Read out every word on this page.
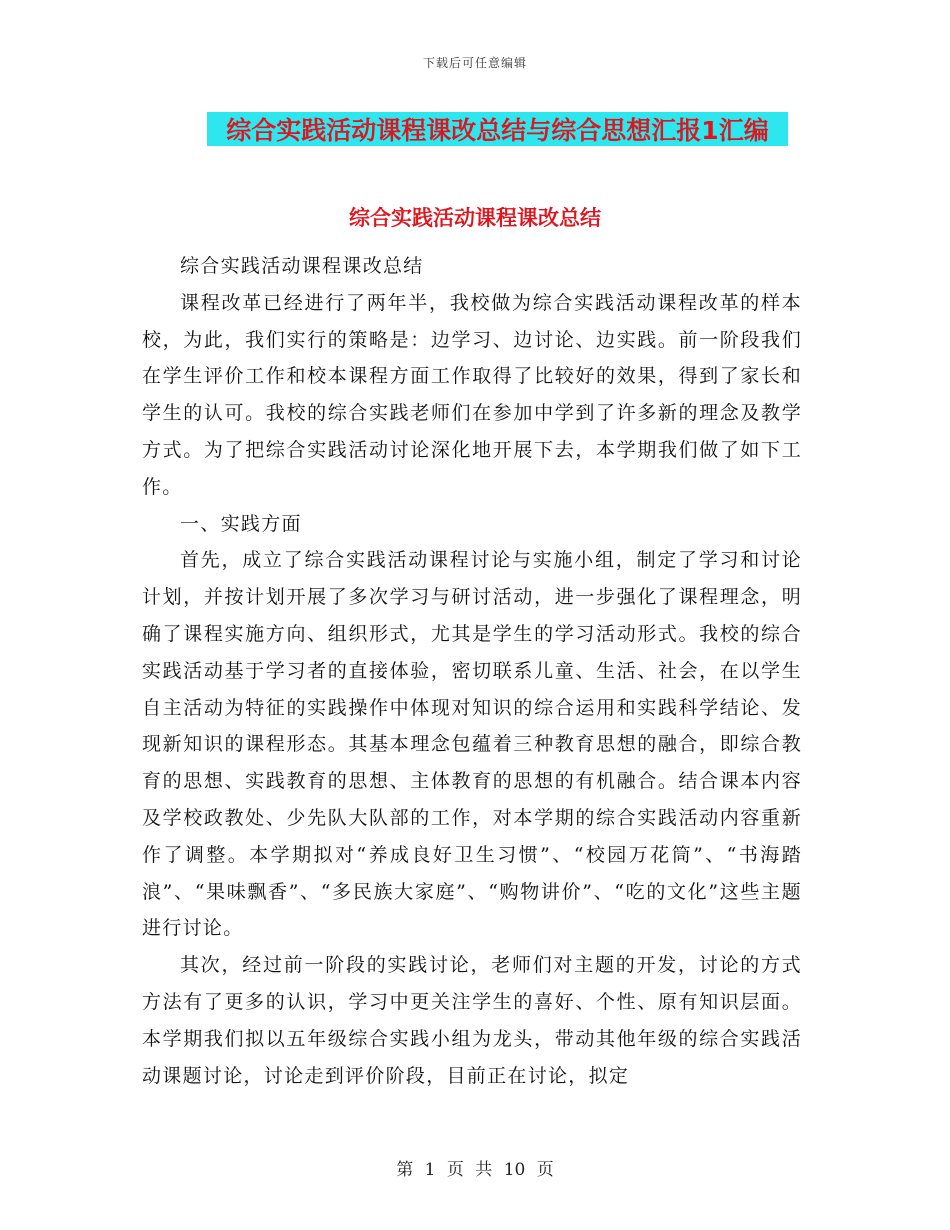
下载后可任意编辑
综合实践活动课程课改总结与综合思想汇报1汇编
综合实践活动课程课改总结

综合实践活动课程课改总结

课程改革已经进行了两年半，我校做为综合实践活动课程改革的样本校，为此，我们实行的策略是：边学习、边讨论、边实践。前一阶段我们在学生评价工作和校本课程方面工作取得了比较好的效果，得到了家长和学生的认可。我校的综合实践老师们在参加中学到了许多新的理念及教学方式。为了把综合实践活动讨论深化地开展下去，本学期我们做了如下工作。

一、实践方面

首先，成立了综合实践活动课程讨论与实施小组，制定了学习和讨论计划，并按计划开展了多次学习与研讨活动，进一步强化了课程理念，明确了课程实施方向、组织形式，尤其是学生的学习活动形式。我校的综合实践活动基于学习者的直接体验，密切联系儿童、生活、社会，在以学生自主活动为特征的实践操作中体现对知识的综合运用和实践科学结论、发现新知识的课程形态。其基本理念包蕴着三种教育思想的融合，即综合教育的思想、实践教育的思想、主体教育的思想的有机融合。结合课本内容及学校政教处、少先队大队部的工作，对本学期的综合实践活动内容重新作了调整。本学期拟对“养成良好卫生习惯”、“校园万花筒”、“书海踏浪”、“果味飘香”、“多民族大家庭”、“购物讲价”、“吃的文化”这些主题进行讨论。

其次，经过前一阶段的实践讨论，老师们对主题的开发，讨论的方式方法有了更多的认识，学习中更关注学生的喜好、个性、原有知识层面。本学期我们拟以五年级综合实践小组为龙头，带动其他年级的综合实践活动课题讨论，讨论走到评价阶段，目前正在讨论，拟定

第 1 页 共 10 页
